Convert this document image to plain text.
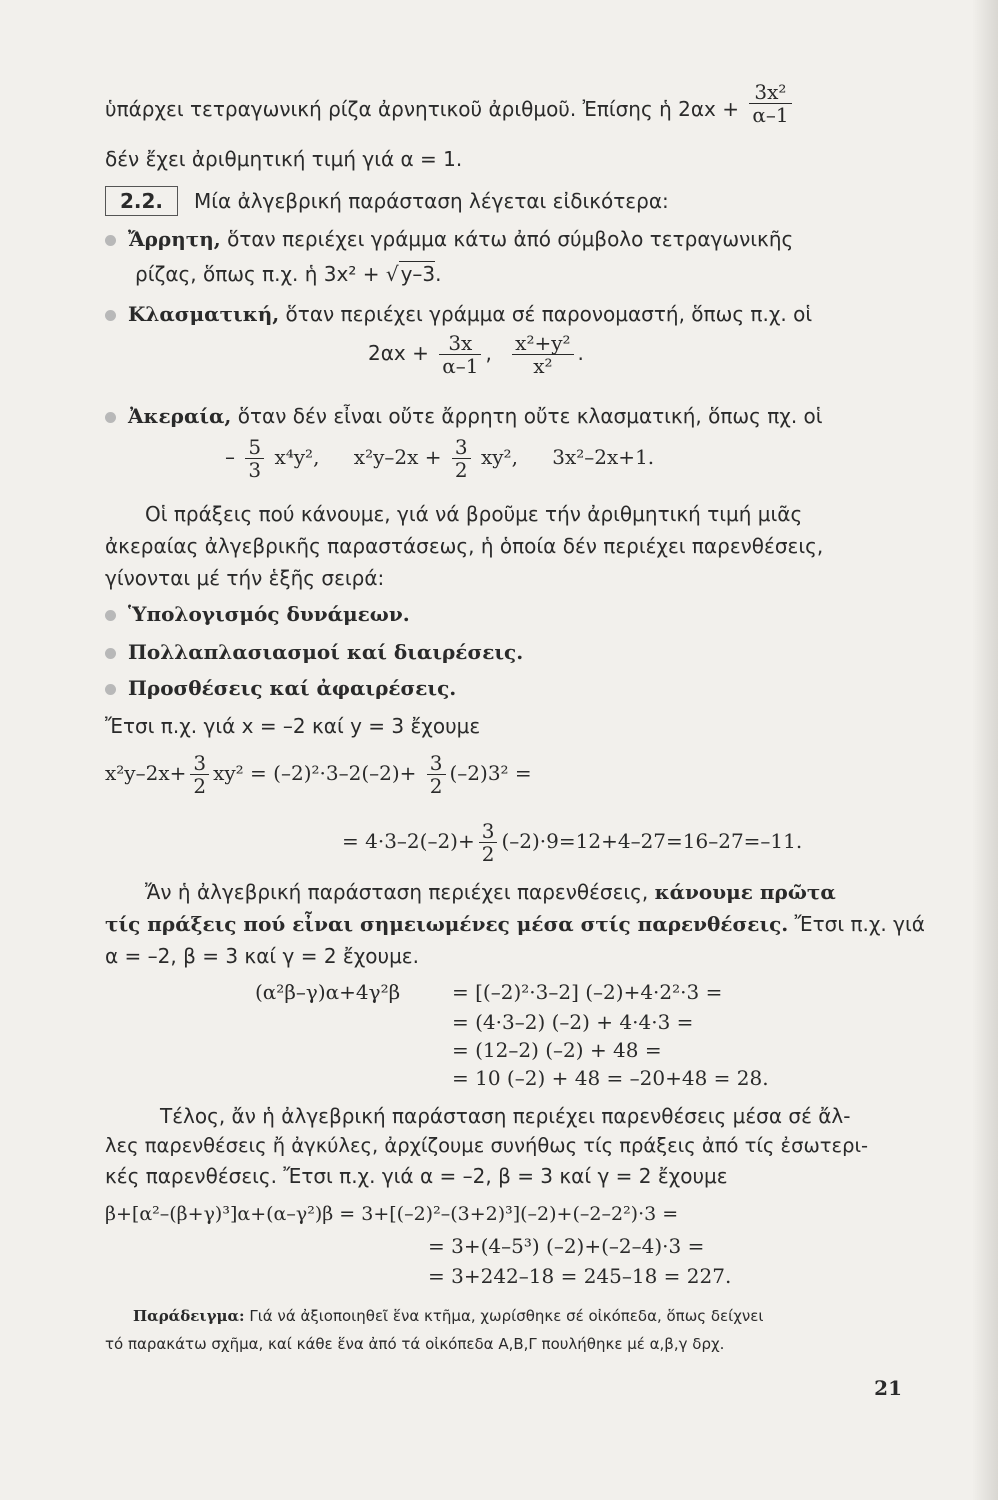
ὑπάρχει τετραγωνική ρίζα ἀρνητικοῦ ἀριθμοῦ. Ἐπίσης ἡ $2\alpha x + \frac{\text{3x²}}{\alpha-1}$
δέν ἔχει ἀριθμητική τιμή γιά α = 1.
2.2. Μία ἀλγεβρική παράσταση λέγεται εἰδικότερα:
Ἄρρητη, ὅταν περιέχει γράμμα κάτω ἀπό σύμβολο τετραγωνικῆς
ρίζας, ὅπως π.χ. ἡ 3x² + √ y–3.
Κλασματική, ὅταν περιέχει γράμμα σέ παρονομαστή, ὅπως π.χ. οἱ
$2\alpha x + \frac{3x}{\alpha-1}$ , $\frac{\text{x²+y²}}{\text{x²}}$ .
Ἀκεραία, ὅταν δέν εἶναι οὔτε ἄρρητη οὔτε κλασματική, ὅπως πχ. οἱ
– $\frac{5}{3} x^4y^2$, $x^2y-2x + \frac{3}{2} xy^2$, 3x²–2x+1.
Οἱ πράξεις πού κάνουμε, γιά νά βροῦμε τήν ἀριθμητική τιμή μιᾶς
ἀκεραίας ἀλγεβρικῆς παραστάσεως, ἡ ὁποία δέν περιέχει παρενθέσεις,
γίνονται μέ τήν ἑξῆς σειρά:
Ὑπολογισμός δυνάμεων.
Πολλαπλασιασμοί καί διαιρέσεις.
Προσθέσεις καί ἀφαιρέσεις.
Ἔτσι π.χ. γιά x = –2 καί y = 3 ἔχουμε
$x^2y-2x+ \frac{3}{2} xy^2 = (-2)^2\cdot 3-2(-2)+ \frac{3}{2} (-2)3^2$ =
= $4\cdot 3-2(-2)+ \frac{3}{2} (-2)\cdot 9=12+4-27=16-27=-11$.
Ἄν ἡ ἀλγεβρική παράσταση περιέχει παρενθέσεις, κάνουμε πρῶτα
τίς πράξεις πού εἶναι σημειωμένες μέσα στίς παρενθέσεις. Ἔτσι π.χ. γιά
α = –2, β = 3 καί γ = 2 ἔχουμε.
(α²β–γ)α+4γ²β	= [(–2)²·3–2] (–2)+4·2²·3 =
= (4·3–2) (–2) + 4·4·3 =
= (12–2) (–2) + 48 =
= 10 (–2) + 48 = –20+48 = 28.
Τέλος, ἄν ἡ ἀλγεβρική παράσταση περιέχει παρενθέσεις μέσα σέ ἄλ-
λες παρενθέσεις ἤ ἀγκύλες, ἀρχίζουμε συνήθως τίς πράξεις ἀπό τίς ἐσωτερι-
κές παρενθέσεις. Ἔτσι π.χ. γιά α = –2, β = 3 καί γ = 2 ἔχουμε
β+[α²–(β+γ)³]α+(α–γ²)β = 3+[(–2)²–(3+2)³](–2)+(–2–2²)·3 =
= 3+(4–5³) (–2)+(–2–4)·3 =
= 3+242–18 = 245–18 = 227.
Παράδειγμα: Γιά νά ἀξιοποιηθεῖ ἕνα κτῆμα, χωρίσθηκε σέ οἰκόπεδα, ὅπως δείχνει
τό παρακάτω σχῆμα, καί κάθε ἕνα ἀπό τά οἰκόπεδα Α,Β,Γ πουλήθηκε μέ α,β,γ δρχ.
21
